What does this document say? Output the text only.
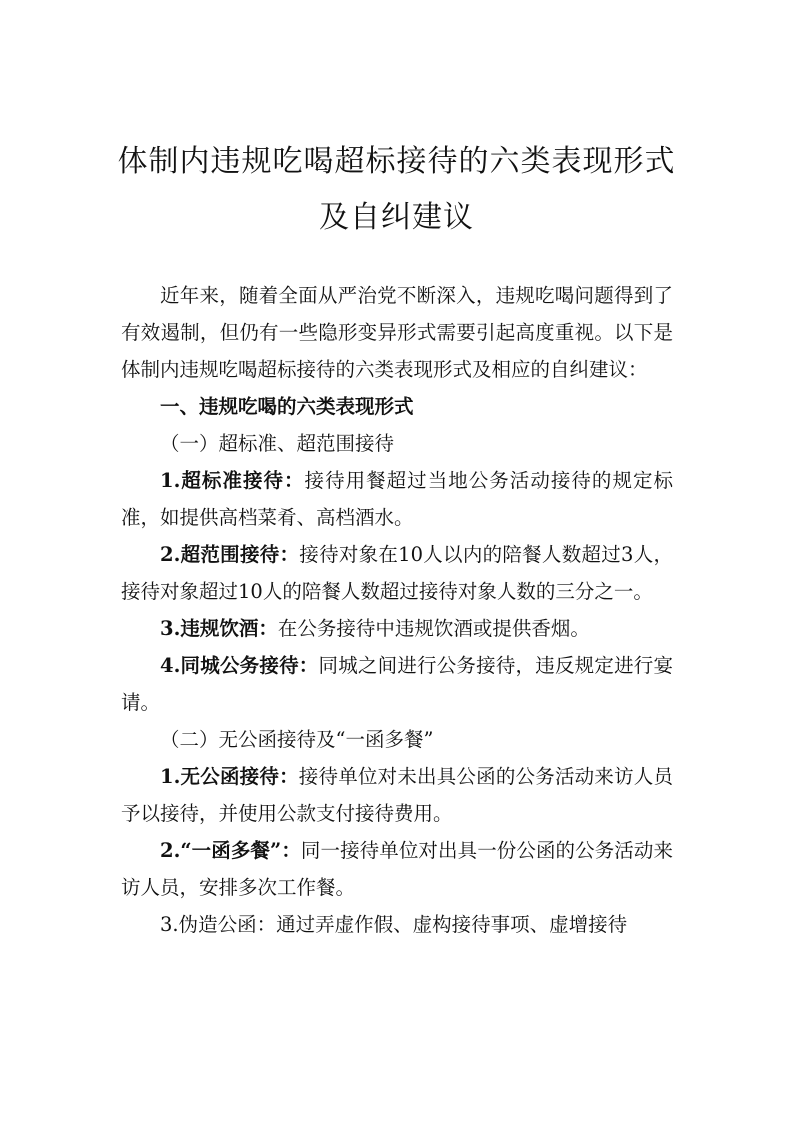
体制内违规吃喝超标接待的六类表现形式
及自纠建议

近年来，随着全面从严治党不断深入，违规吃喝问题得到了有效遏制，但仍有一些隐形变异形式需要引起高度重视。以下是体制内违规吃喝超标接待的六类表现形式及相应的自纠建议：

一、违规吃喝的六类表现形式

（一）超标准、超范围接待

1.超标准接待：接待用餐超过当地公务活动接待的规定标准，如提供高档菜肴、高档酒水。

2.超范围接待：接待对象在10人以内的陪餐人数超过3人，接待对象超过10人的陪餐人数超过接待对象人数的三分之一。

3.违规饮酒：在公务接待中违规饮酒或提供香烟。

4.同城公务接待：同城之间进行公务接待，违反规定进行宴请。

（二）无公函接待及“一函多餐”

1.无公函接待：接待单位对未出具公函的公务活动来访人员予以接待，并使用公款支付接待费用。

2.“一函多餐”：同一接待单位对出具一份公函的公务活动来访人员，安排多次工作餐。

3.伪造公函：通过弄虚作假、虚构接待事项、虚增接待
